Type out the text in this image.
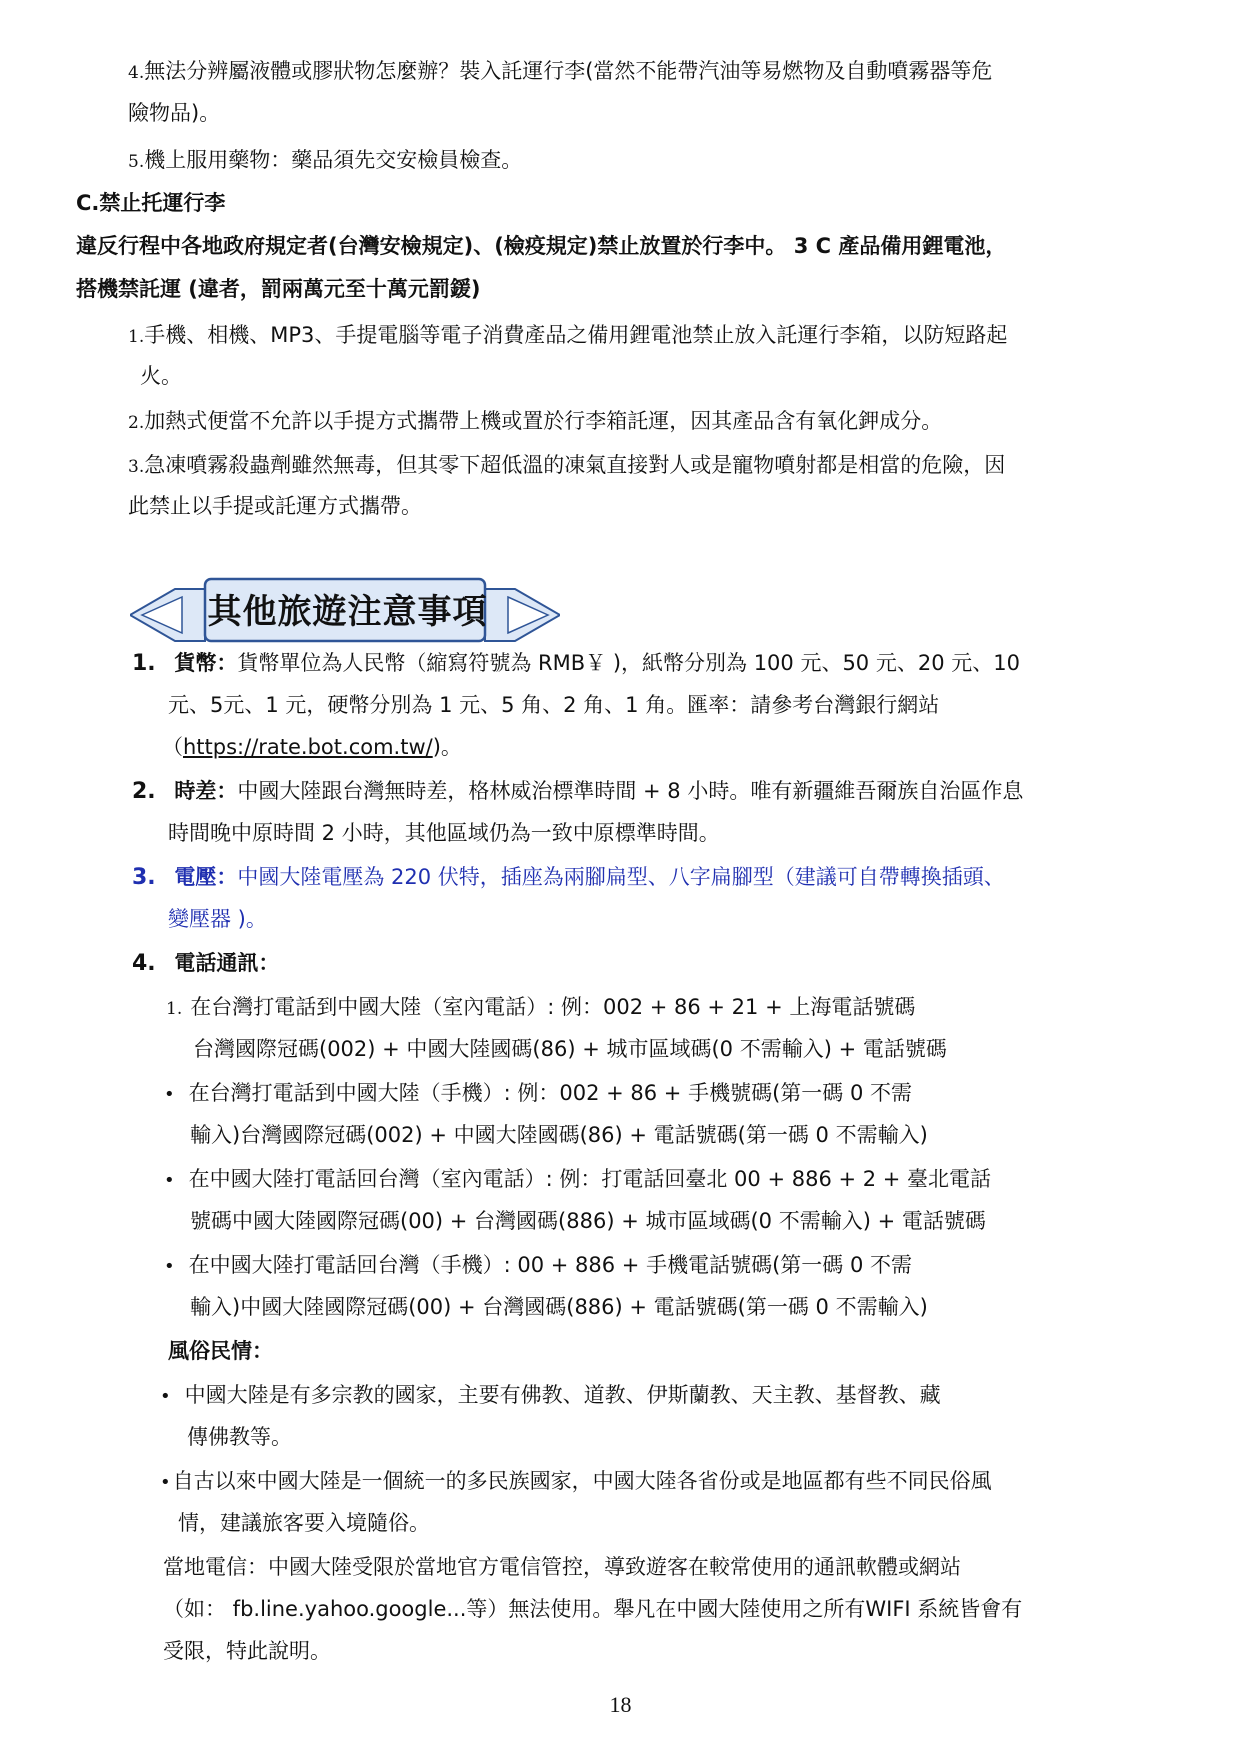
4.無法分辨屬液體或膠狀物怎麼辦？裝入託運行李(當然不能帶汽油等易燃物及自動噴霧器等危
險物品)。
5.機上服用藥物：藥品須先交安檢員檢查。
C.禁止托運行李
違反行程中各地政府規定者(台灣安檢規定)、(檢疫規定)禁止放置於行李中。 3 C 產品備用鋰電池，
搭機禁託運 (違者，罰兩萬元至十萬元罰鍰)
1.手機、相機、MP3、手提電腦等電子消費產品之備用鋰電池禁止放入託運行李箱，以防短路起
火。
2.加熱式便當不允許以手提方式攜帶上機或置於行李箱託運，因其產品含有氧化鉀成分。
3.急凍噴霧殺蟲劑雖然無毒，但其零下超低溫的凍氣直接對人或是寵物噴射都是相當的危險，因
此禁止以手提或託運方式攜帶。
其他旅遊注意事項
1. 貨幣：貨幣單位為人民幣（縮寫符號為 RMB￥ )，紙幣分別為 100 元、50 元、20 元、10
元、5元、1 元，硬幣分別為 1 元、5 角、2 角、1 角。匯率：請參考台灣銀行網站
（https://rate.bot.com.tw/)。
2. 時差：中國大陸跟台灣無時差，格林威治標準時間 + 8 小時。唯有新疆維吾爾族自治區作息
時間晚中原時間 2 小時，其他區域仍為一致中原標準時間。
3. 電壓：中國大陸電壓為 220 伏特，插座為兩腳扁型、八字扁腳型（建議可自帶轉換插頭、
變壓器 )。
4. 電話通訊：
1. 在台灣打電話到中國大陸（室內電話）: 例：002 + 86 + 21 + 上海電話號碼
台灣國際冠碼(002) + 中國大陸國碼(86) + 城市區域碼(0 不需輸入) + 電話號碼
• 在台灣打電話到中國大陸（手機）: 例：002 + 86 + 手機號碼(第一碼 0 不需
輸入)台灣國際冠碼(002) + 中國大陸國碼(86) + 電話號碼(第一碼 0 不需輸入)
• 在中國大陸打電話回台灣（室內電話）: 例：打電話回臺北 00 + 886 + 2 + 臺北電話
號碼中國大陸國際冠碼(00) + 台灣國碼(886) + 城市區域碼(0 不需輸入) + 電話號碼
• 在中國大陸打電話回台灣（手機）: 00 + 886 + 手機電話號碼(第一碼 0 不需
輸入)中國大陸國際冠碼(00) + 台灣國碼(886) + 電話號碼(第一碼 0 不需輸入)
風俗民情：
• 中國大陸是有多宗教的國家，主要有佛教、道教、伊斯蘭教、天主教、基督教、藏
傳佛教等。
•自古以來中國大陸是一個統一的多民族國家，中國大陸各省份或是地區都有些不同民俗風
情，建議旅客要入境隨俗。
當地電信：中國大陸受限於當地官方電信管控，導致遊客在較常使用的通訊軟體或網站
（如： fb.line.yahoo.google...等）無法使用。舉凡在中國大陸使用之所有WIFI 系統皆會有
受限，特此說明。
18
